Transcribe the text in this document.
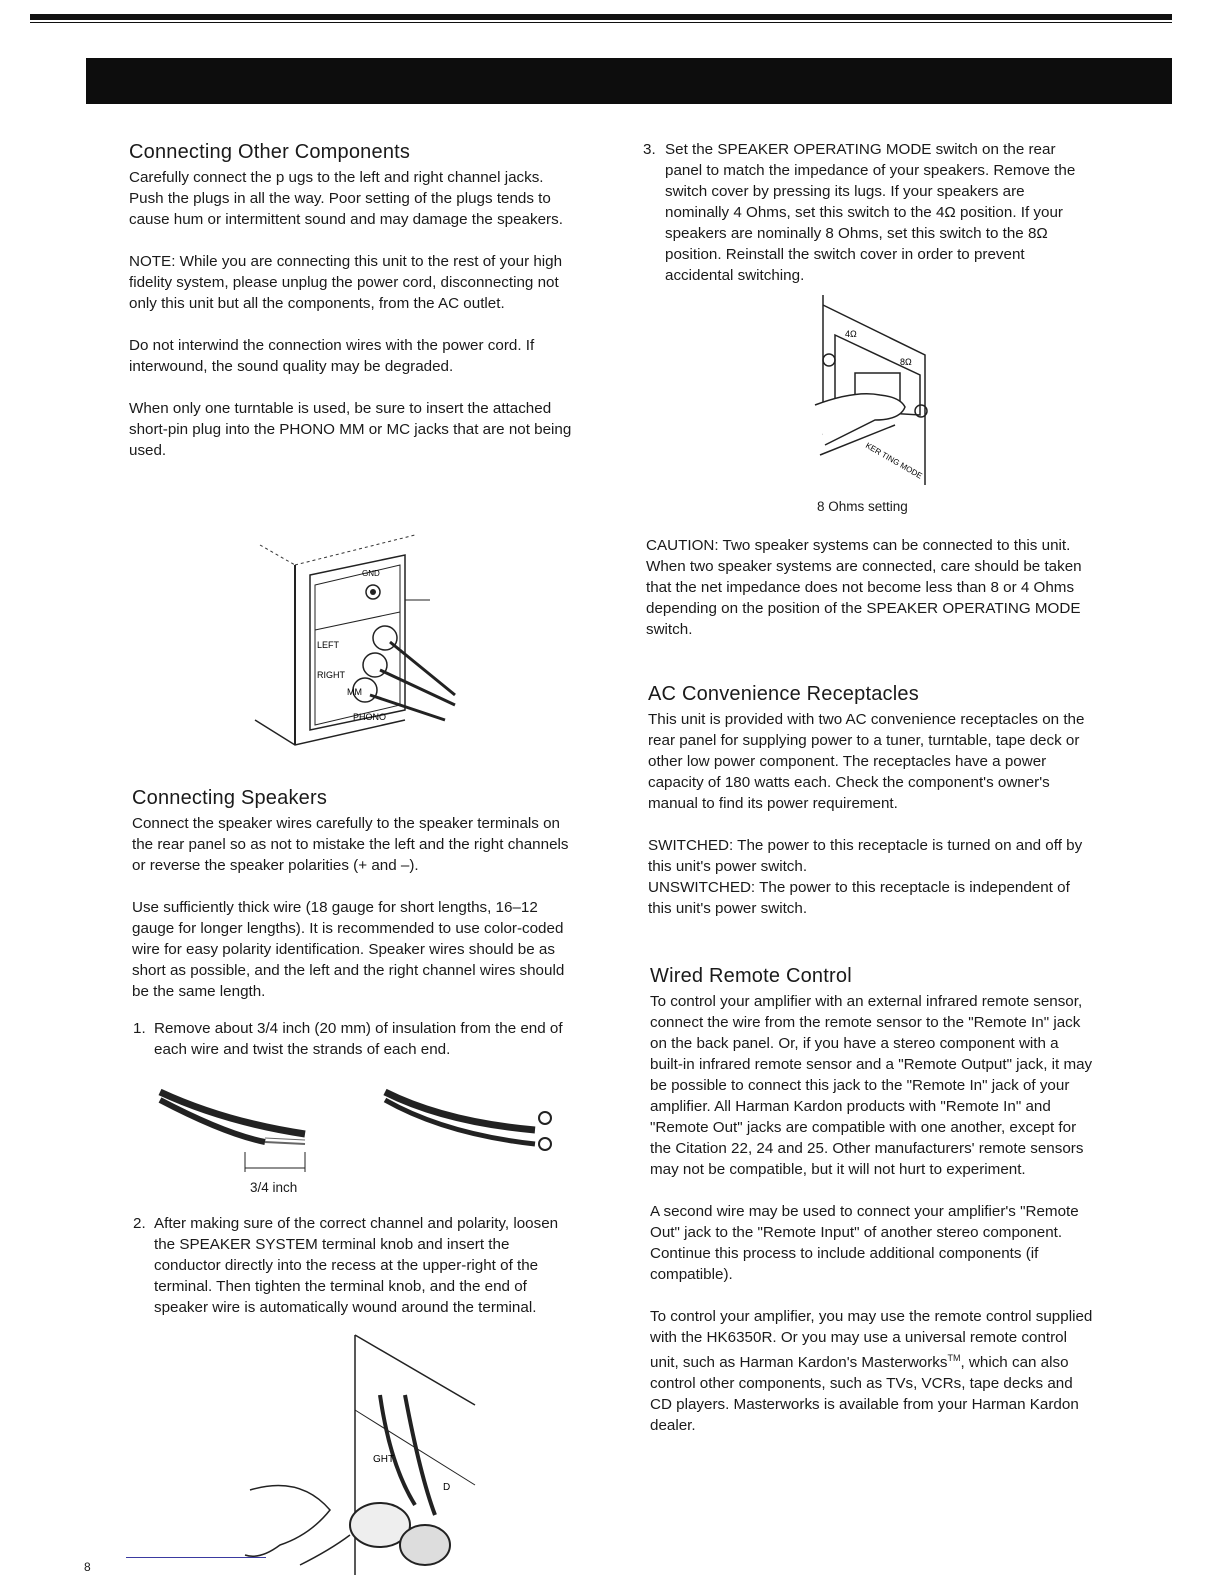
Connecting Other Components

Carefully connect the p ugs to the left and right channel jacks. Push the plugs in all the way. Poor setting of the plugs tends to cause hum or intermittent sound and may damage the speakers.

NOTE: While you are connecting this unit to the rest of your high fidelity system, please unplug the power cord, disconnecting not only this unit but all the components, from the AC outlet.

Do not interwind the connection wires with the power cord. If interwound, the sound quality may be degraded.

When only one turntable is used, be sure to insert the attached short-pin plug into the PHONO MM or MC jacks that are not being used.

GND
LEFT
RIGHT
MM
PHONO
Connecting Speakers

Connect the speaker wires carefully to the speaker terminals on the rear panel so as not to mistake the left and the right channels or reverse the speaker polarities (+ and –).

Use sufficiently thick wire (18 gauge for short lengths, 16–12 gauge for longer lengths). It is recommended to use color-coded wire for easy polarity identification. Speaker wires should be as short as possible, and the left and the right channel wires should be the same length.

1. Remove about 3/4 inch (20 mm) of insulation from the end of each wire and twist the strands of each end.

3/4 inch
2. After making sure of the correct channel and polarity, loosen the SPEAKER SYSTEM terminal knob and insert the conductor directly into the recess at the upper-right of the terminal. Then tighten the terminal knob, and the end of speaker wire is automatically wound around the terminal.

GHT
D
3. Set the SPEAKER OPERATING MODE switch on the rear panel to match the impedance of your speakers. Remove the switch cover by pressing its lugs. If your speakers are nominally 4 Ohms, set this switch to the 4Ω position. If your speakers are nominally 8 Ohms, set this switch to the 8Ω position. Reinstall the switch cover in order to prevent accidental switching.

4Ω
8Ω
KER TING MODE
8 Ohms setting

CAUTION: Two speaker systems can be connected to this unit. When two speaker systems are connected, care should be taken that the net impedance does not become less than 8 or 4 Ohms depending on the position of the SPEAKER OPERATING MODE switch.

AC Convenience Receptacles

This unit is provided with two AC convenience receptacles on the rear panel for supplying power to a tuner, turntable, tape deck or other low power component. The receptacles have a power capacity of 180 watts each. Check the component's owner's manual to find its power requirement.

SWITCHED: The power to this receptacle is turned on and off by this unit's power switch.

UNSWITCHED: The power to this receptacle is independent of this unit's power switch.

Wired Remote Control

To control your amplifier with an external infrared remote sensor, connect the wire from the remote sensor to the "Remote In" jack on the back panel. Or, if you have a stereo component with a built-in infrared remote sensor and a "Remote Output" jack, it may be possible to connect this jack to the "Remote In" jack of your amplifier. All Harman Kardon products with "Remote In" and "Remote Out" jacks are compatible with one another, except for the Citation 22, 24 and 25. Other manufacturers' remote sensors may not be compatible, but it will not hurt to experiment.

A second wire may be used to connect your amplifier's "Remote Out" jack to the "Remote Input" of another stereo component. Continue this process to include additional components (if compatible).

To control your amplifier, you may use the remote control supplied with the HK6350R. Or you may use a universal remote control unit, such as Harman Kardon's Masterworks™, which can also control other components, such as TVs, VCRs, tape decks and CD players. Masterworks is available from your Harman Kardon dealer.

8
